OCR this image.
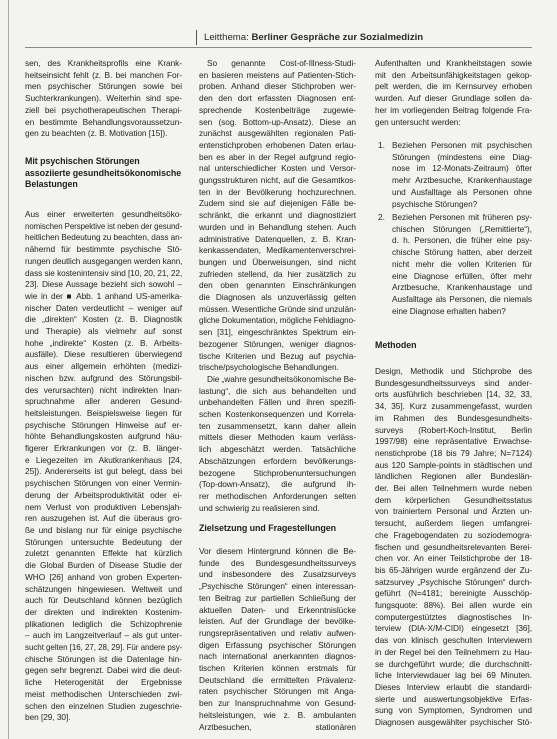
Leitthema: Berliner Gespräche zur Sozialmedizin
sen, des Krankheitsprofils eine Krank-
heitseinsicht fehlt (z. B. bei manchen For-
men psychischer Störungen sowie bei
Suchterkrankungen). Weiterhin sind spe-
ziell bei psychotherapeutischen Therapi-
en bestimmte Behandlungsvoraussetzun-
gen zu beachten (z. B. Motivation [15]).
Mit psychischen Störungen
assoziierte gesundheitsökonomische
Belastungen
Aus einer erweiterten gesundheitsöko-
nomischen Perspektive ist neben der gesund-
heitlichen Bedeutung zu beachten, dass an-
nähernd für bestimmte psychische Stö-
rungen deutlich ausgegangen werden kann,
dass sie kostenintensiv sind [10, 20, 21, 22,
23]. Diese Aussage bezieht sich sowohl –
wie in der ■ Abb. 1 anhand US-amerika-
nischer Daten verdeutlicht – weniger auf
die „direkten“ Kosten (z. B. Diagnostik
und Therapie) als vielmehr auf sonst
hohe „indirekte“ Kosten (z. B. Arbeits-
ausfälle). Diese resultieren überwiegend
aus einer allgemein erhöhten (medizi-
nischen bzw. aufgrund des Störungsbil-
des verursachten) nicht indirekten Inan-
spruchnahme aller anderen Gesund-
heitsleistungen. Beispielsweise liegen für
psychische Störungen Hinweise auf er-
höhte Behandlungskosten aufgrund häu-
figerer Erkrankungen vor (z. B. länger-
e Liegezeiten im Akutkrankenhaus [24,
25]). Andererseits ist gut belegt, dass bei
psychischen Störungen von einer Vermin-
derung der Arbeitsproduktivität oder ei-
nem Verlust von produktiven Lebensjah-
ren auszugehen ist. Auf die überaus gro-
ße und bislang nur für einige psychische
Störungen untersuchte Bedeutung der
zuletzt genannten Effekte hat kürzlich
die Global Burden of Disease Studie der
WHO [26] anhand von groben Experten-
schätzungen hingewiesen. Weltweit und
auch für Deutschland können bezüglich
der direkten und indirekten Kostenim-
plikationen lediglich die Schizophrenie
– auch im Langzeitverlauf – als gut unter-
sucht gelten [16, 27, 28, 29]. Für andere psy-
chische Störungen ist die Datenlage hin-
gegen sehr begrenzt. Dabei wird die deut-
liche Heterogenität der Ergebnisse
meist methodischen Unterschieden zwi-
schen den einzelnen Studien zugeschrie-
ben [29, 30].
So genannte Cost-of-Illness-Studi-
en basieren meistens auf Patienten-Stich-
proben. Anhand dieser Stichproben wer-
den den dort erfassten Diagnosen ent-
sprechende Kostenbeiträge zugewie-
sen (sog. Bottom-up-Ansatz). Diese an
zunächst ausgewählten regionalen Pati-
entenstichproben erhobenen Daten erlau-
ben es aber in der Regel aufgrund regio-
nal unterschiedlicher Kosten und Versor-
gungsstrukturen nicht, auf die Gesamtkos-
ten in der Bevölkerung hochzurechnen.
Zudem sind sie auf diejenigen Fälle be-
schränkt, die erkannt und diagnostiziert
wurden und in Behandlung stehen. Auch
administrative Datenquellen, z. B. Kran-
kenkassendaten, Medikamentenverschrei-
bungen und Überweisungen, sind nicht
zufrieden stellend, da hier zusätzlich zu
den oben genannten Einschränkungen
die Diagnosen als unzuverlässig gelten
müssen. Wesentliche Gründe sind unzulän-
gliche Dokumentation, mögliche Fehldiagno-
sen [31], eingeschränktes Spektrum ein-
bezogener Störungen, weniger diagnos-
tische Kriterien und Bezug auf psychia-
trische/psychologische Behandlungen.
Die „wahre gesundheitsökonomische Be-
lastung“, die sich aus behandelten und
unbehandelten Fällen und ihren spezifi-
schen Kostenkonsequenzen und Korrela-
ten zusammensetzt, kann daher allein
mittels dieser Methoden kaum verläss-
lich abgeschätzt werden. Tatsächliche
Abschätzungen erfordern bevölkerungs-
bezogene Stichprobenuntersuchungen
(Top-down-Ansatz), die aufgrund ih-
rer methodischen Anforderungen selten
und schwierig zu realisieren sind.
Zielsetzung und Fragestellungen
Vor diesem Hintergrund können die Be-
funde des Bundesgesundheitssurveys
und insbesondere des Zusatzsurveys
„Psychische Störungen“ einen interessan-
ten Beitrag zur partiellen Schließung der
aktuellen Daten- und Erkenntnislücke
leisten. Auf der Grundlage der bevölke-
rungsrepräsentativen und relativ aufwen-
digen Erfassung psychischer Störungen
nach international anerkannten diagnos-
tischen Kriterien können erstmals für
Deutschland die ermittelten Prävalenz-
raten psychischer Störungen mit Anga-
ben zur Inanspruchnahme von Gesund-
heitsleistungen, wie z. B. ambulanten
Arztbesuchen, stationären
Aufenthalten und Krankheitstagen sowie
mit den Arbeitsunfähigkeitstagen gekop-
pelt werden, die im Kernsurvey erhoben
wurden. Auf dieser Grundlage sollen da-
her im vorliegenden Beitrag folgende Fra-
gen untersucht werden:
1. Beziehen Personen mit psychischen
Störungen (mindestens eine Diag-
nose im 12-Monats-Zeitraum) öfter
mehr Arztbesuche, Krankenhaustage
und Ausfalltage als Personen ohne
psychische Störungen?
2. Beziehen Personen mit früheren psy-
chischen Störungen („Remittierte“),
d. h. Personen, die früher eine psy-
chische Störung hatten, aber derzeit
nicht mehr die vollen Kriterien für
eine Diagnose erfüllen, öfter mehr
Arztbesuche, Krankenhaustage und
Ausfalltage als Personen, die niemals
eine Diagnose erhalten haben?
Methoden
Design, Methodik und Stichprobe des
Bundesgesundheitssurveys sind ander-
orts ausführlich beschrieben [14, 32, 33,
34, 35]. Kurz zusammengefasst, wurden
im Rahmen des Bundesgesundheits-
surveys (Robert-Koch-Institut, Berlin
1997/98) eine repräsentative Erwachse-
nenstichprobe (18 bis 79 Jahre; N=7124)
aus 120 Sample-points in städtischen und
ländlichen Regionen aller Bundeslän-
der. Bei allen Teilnehmern wurde neben
dem körperlichen Gesundheitsstatus
von trainiertem Personal und Ärzten un-
tersucht, außerdem liegen umfangrei-
che Fragebogendaten zu soziodemogra-
fischen und gesundheitsrelevanten Berei-
chen vor. An einer Teilstichprobe der 18-
bis 65-Jährigen wurde ergänzend der Zu-
satzsurvey „Psychische Störungen“ durch-
geführt (N=4181; bereinigte Ausschöp-
fungsquote: 88%). Bei allen wurde ein
computergestütztes diagnostisches In-
terview (DIA-X/M-CIDI) eingesetzt [36],
das von klinisch geschulten Interviewern
in der Regel bei den Teilnehmern zu Hau-
se durchgeführt wurde; die durchschnitt-
liche Interviewdauer lag bei 69 Minuten.
Dieses Interview erlaubt die standardi-
sierte und auswertungsobjektive Erfas-
sung von Symptomen, Syndromen und
Diagnosen ausgewählter psychischer Stö-
